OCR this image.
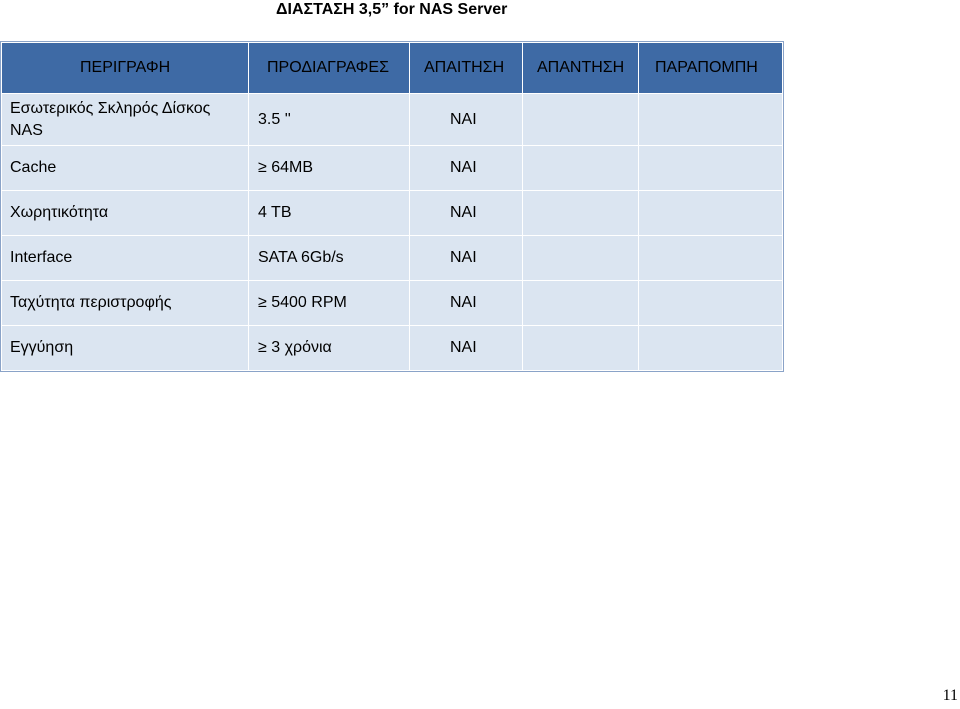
ΔΙΑΣΤΑΣΗ 3,5” for NAS Server
ΠΕΡΙΓΡΑΦΗ	ΠΡΟΔΙΑΓΡΑΦΕΣ	ΑΠΑΙΤΗΣΗ	ΑΠΑΝΤΗΣΗ	ΠΑΡΑΠΟΜΠΗ
Εσωτερικός Σκληρός Δίσκος NAS	3.5 ''	ΝΑΙ		
Cache	≥ 64MB	ΝΑΙ		
Χωρητικότητα	4 TB	ΝΑΙ		
Interface	SATA 6Gb/s	ΝΑΙ		
Ταχύτητα περιστροφής	≥ 5400 RPM	ΝΑΙ		
Εγγύηση	≥ 3 χρόνια	ΝΑΙ		
11
